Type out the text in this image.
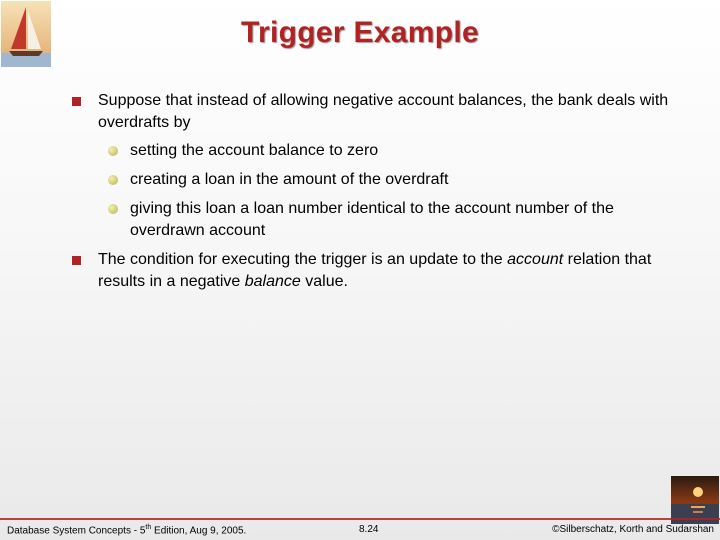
Trigger Example
Suppose that instead of allowing negative account balances, the bank deals with overdrafts by
setting the account balance to zero
creating a loan in the amount of the overdraft
giving this loan a loan number identical to the account number of the overdrawn account
The condition for executing the trigger is an update to the account relation that results in a negative balance value.
Database System Concepts - 5th Edition, Aug 9, 2005.	8.24	©Silberschatz, Korth and Sudarshan
